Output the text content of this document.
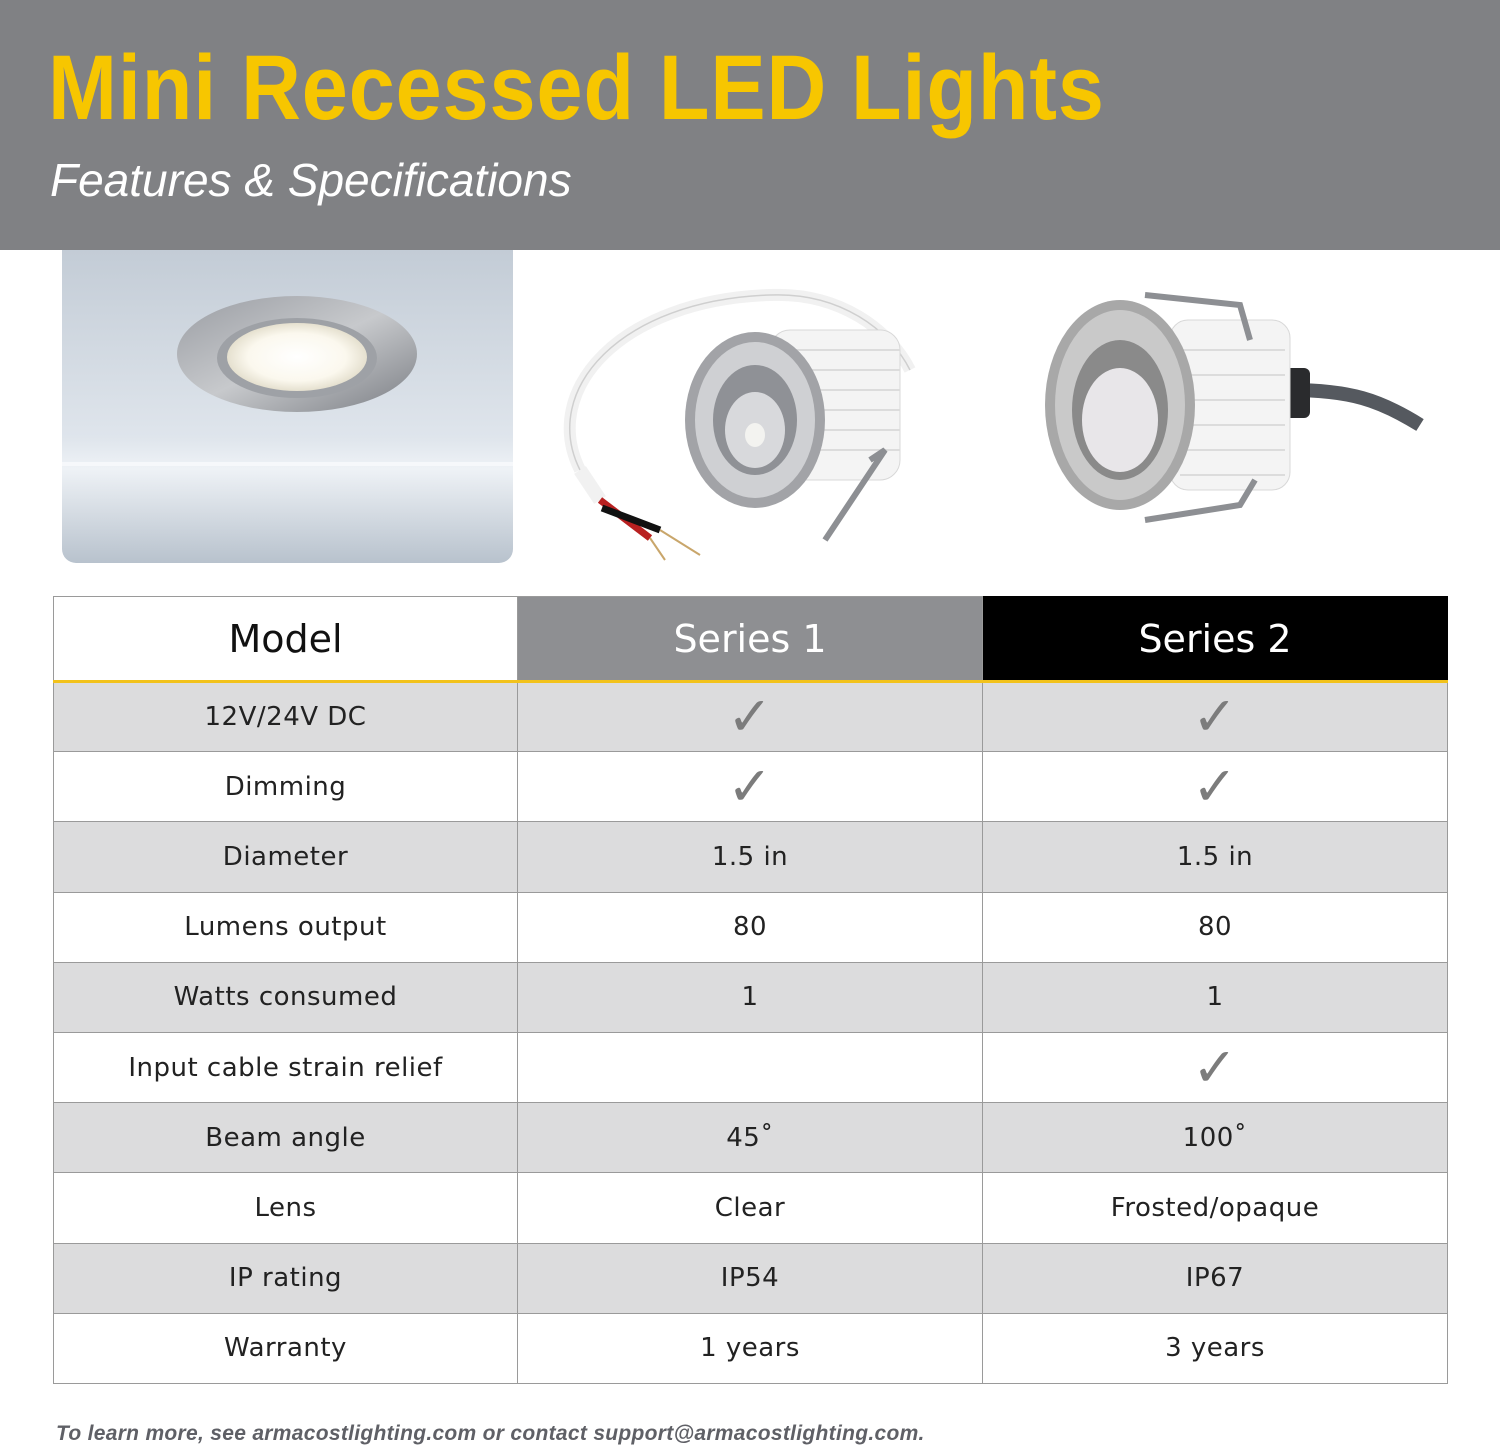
Mini Recessed LED Lights
Features & Specifications
Model	Series 1	Series 2
12V/24V DC	✓	✓
Dimming	✓	✓
Diameter	1.5 in	1.5 in
Lumens output	80	80
Watts consumed	1	1
Input cable strain relief		✓
Beam angle	45˚	100˚
Lens	Clear	Frosted/opaque
IP rating	IP54	IP67
Warranty	1 years	3 years
To learn more, see armacostlighting.com or contact support@armacostlighting.com.
